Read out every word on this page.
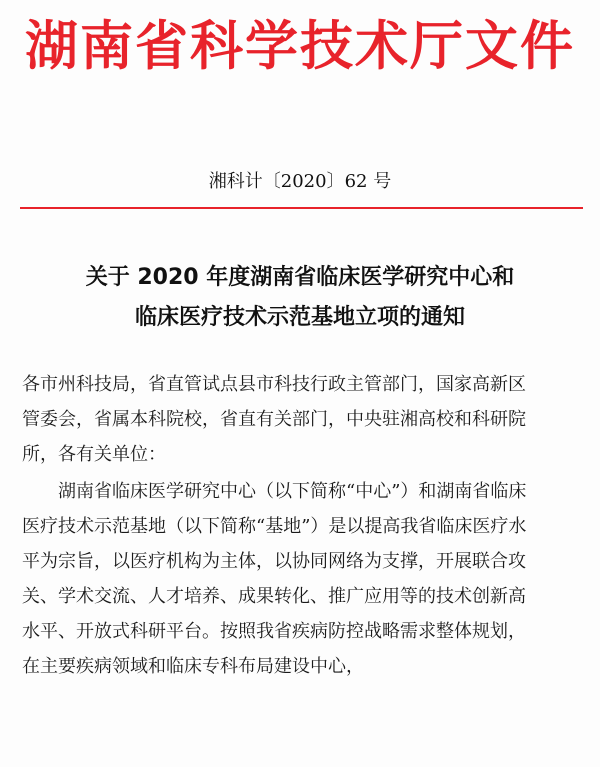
湖南省科学技术厅文件
湘科计〔2020〕62 号
关于 2020 年度湖南省临床医学研究中心和
临床医疗技术示范基地立项的通知
各市州科技局，省直管试点县市科技行政主管部门，国家高新区
管委会，省属本科院校，省直有关部门，中央驻湘高校和科研院
所，各有关单位：
湖南省临床医学研究中心（以下简称“中心”）和湖南省临床
医疗技术示范基地（以下简称“基地”）是以提高我省临床医疗水
平为宗旨，以医疗机构为主体，以协同网络为支撑，开展联合攻
关、学术交流、人才培养、成果转化、推广应用等的技术创新高
水平、开放式科研平台。按照我省疾病防控战略需求整体规划，
在主要疾病领域和临床专科布局建设中心，
